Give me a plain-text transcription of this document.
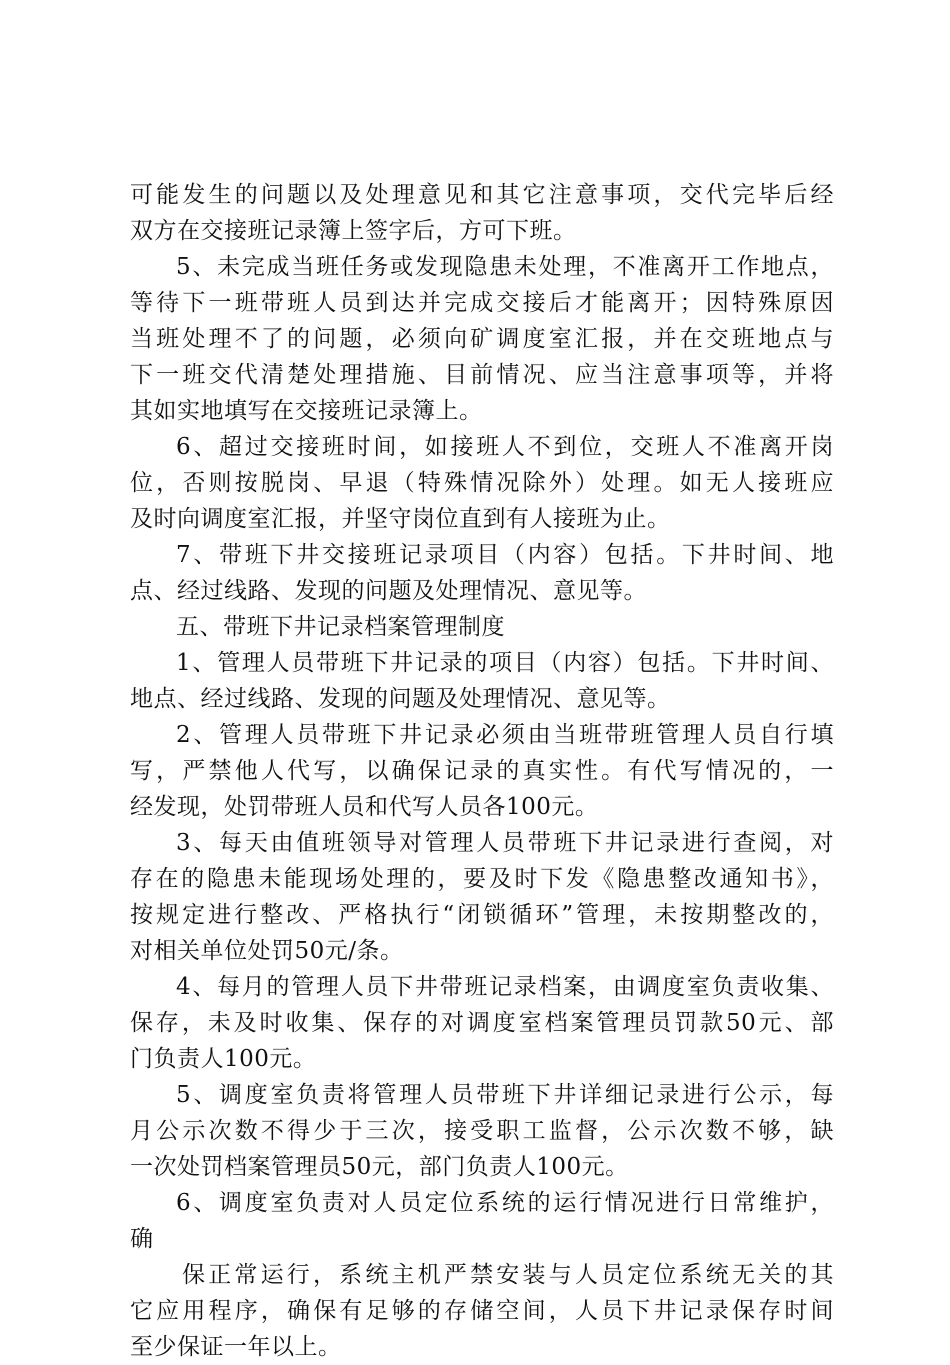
可能发生的问题以及处理意见和其它注意事项，交代完毕后经
双方在交接班记录簿上签字后，方可下班。
5、未完成当班任务或发现隐患未处理，不准离开工作地点，
等待下一班带班人员到达并完成交接后才能离开；因特殊原因
当班处理不了的问题，必须向矿调度室汇报，并在交班地点与
下一班交代清楚处理措施、目前情况、应当注意事项等，并将
其如实地填写在交接班记录簿上。
6、超过交接班时间，如接班人不到位，交班人不准离开岗
位，否则按脱岗、早退（特殊情况除外）处理。如无人接班应
及时向调度室汇报，并坚守岗位直到有人接班为止。
7、带班下井交接班记录项目（内容）包括。下井时间、地
点、经过线路、发现的问题及处理情况、意见等。
五、带班下井记录档案管理制度
1、管理人员带班下井记录的项目（内容）包括。下井时间、
地点、经过线路、发现的问题及处理情况、意见等。
2、管理人员带班下井记录必须由当班带班管理人员自行填
写，严禁他人代写，以确保记录的真实性。有代写情况的，一
经发现，处罚带班人员和代写人员各100元。
3、每天由值班领导对管理人员带班下井记录进行查阅，对
存在的隐患未能现场处理的，要及时下发《隐患整改通知书》，
按规定进行整改、严格执行“闭锁循环”管理，未按期整改的，
对相关单位处罚50元/条。
4、每月的管理人员下井带班记录档案，由调度室负责收集、
保存，未及时收集、保存的对调度室档案管理员罚款50元、部
门负责人100元。
5、调度室负责将管理人员带班下井详细记录进行公示，每
月公示次数不得少于三次，接受职工监督，公示次数不够，缺
一次处罚档案管理员50元，部门负责人100元。
6、调度室负责对人员定位系统的运行情况进行日常维护，
确
保正常运行，系统主机严禁安装与人员定位系统无关的其
它应用程序，确保有足够的存储空间，人员下井记录保存时间
至少保证一年以上。
